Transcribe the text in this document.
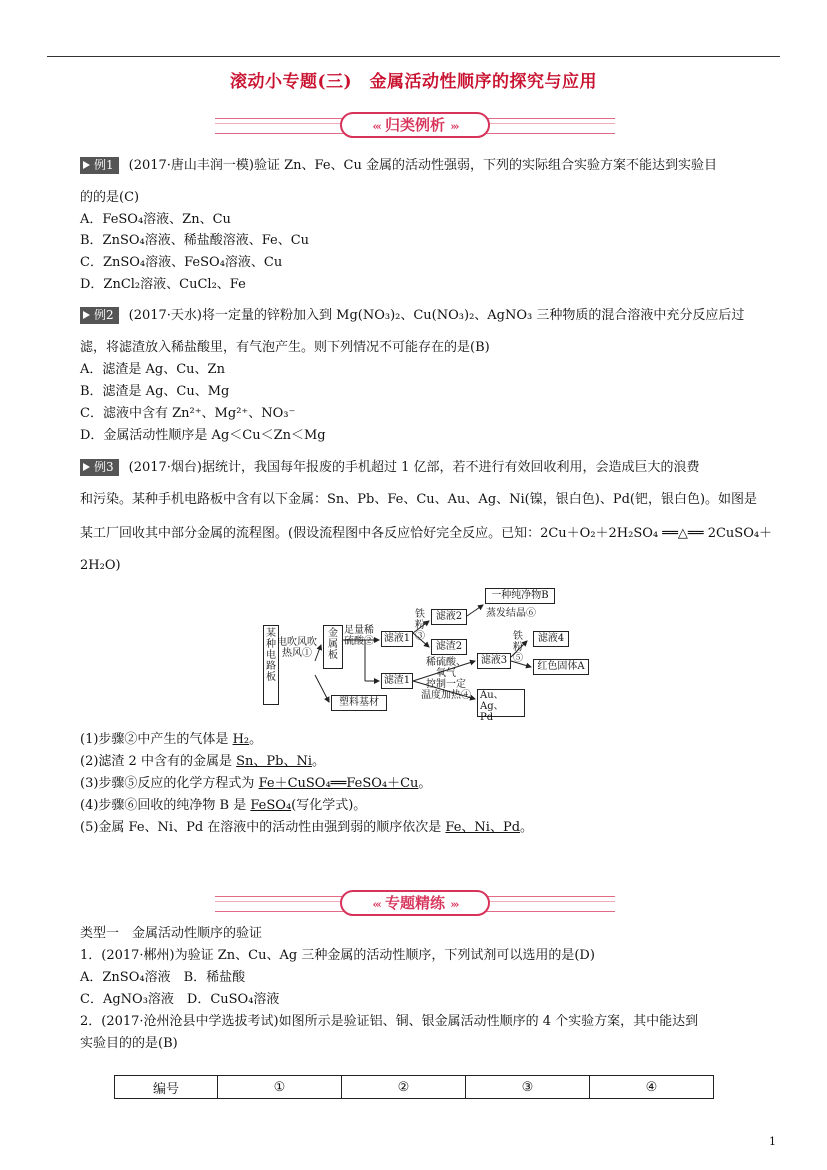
滚动小专题(三)　金属活动性顺序的探究与应用
‹‹‹ 归类例析 ›››
例1 (2017·唐山丰润一模)验证 Zn、Fe、Cu 金属的活动性强弱，下列的实际组合实验方案不能达到实验目
的的是(C)
A．FeSO₄溶液、Zn、Cu
B．ZnSO₄溶液、稀盐酸溶液、Fe、Cu
C．ZnSO₄溶液、FeSO₄溶液、Cu
D．ZnCl₂溶液、CuCl₂、Fe
例2 (2017·天水)将一定量的锌粉加入到 Mg(NO₃)₂、Cu(NO₃)₂、AgNO₃ 三种物质的混合溶液中充分反应后过
滤，将滤渣放入稀盐酸里，有气泡产生。则下列情况不可能存在的是(B)
A．滤渣是 Ag、Cu、Zn
B．滤渣是 Ag、Cu、Mg
C．滤液中含有 Zn²⁺、Mg²⁺、NO₃⁻
D．金属活动性顺序是 Ag＜Cu＜Zn＜Mg
例3 (2017·烟台)据统计，我国每年报废的手机超过 1 亿部，若不进行有效回收利用，会造成巨大的浪费
和污染。某种手机电路板中含有以下金属：Sn、Pb、Fe、Cu、Au、Ag、Ni(镍，银白色)、Pd(钯，银白色)。如图是
某工厂回收其中部分金属的流程图。(假设流程图中各反应恰好完全反应。已知：2Cu＋O₂＋2H₂SO₄ ══△══ 2CuSO₄＋
2H₂O)
某种电路板
电吹风吹热风①
金属板
足量稀硫酸②
塑料基材
滤液1
滤渣1
铁粉③
滤液2
滤渣2
一种纯净物B
蒸发结晶⑥
稀硫酸、
氧气
控制一定
温度加热④
滤液3
Au、Ag、
Pd
铁粉⑤
滤液4
红色固体A
(1)步骤②中产生的气体是 H₂。
(2)滤渣 2 中含有的金属是 Sn、Pb、Ni。
(3)步骤⑤反应的化学方程式为 Fe＋CuSO₄══FeSO₄＋Cu。
(4)步骤⑥回收的纯净物 B 是 FeSO₄(写化学式)。
(5)金属 Fe、Ni、Pd 在溶液中的活动性由强到弱的顺序依次是 Fe、Ni、Pd。
‹‹‹ 专题精练 ›››
类型一　金属活动性顺序的验证
1．(2017·郴州)为验证 Zn、Cu、Ag 三种金属的活动性顺序，下列试剂可以选用的是(D)
A．ZnSO₄溶液　B．稀盐酸
C．AgNO₃溶液　D．CuSO₄溶液
2．(2017·沧州沧县中学选拔考试)如图所示是验证铝、铜、银金属活动性顺序的 4 个实验方案，其中能达到
实验目的的是(B)
编号	①	②	③	④
1
